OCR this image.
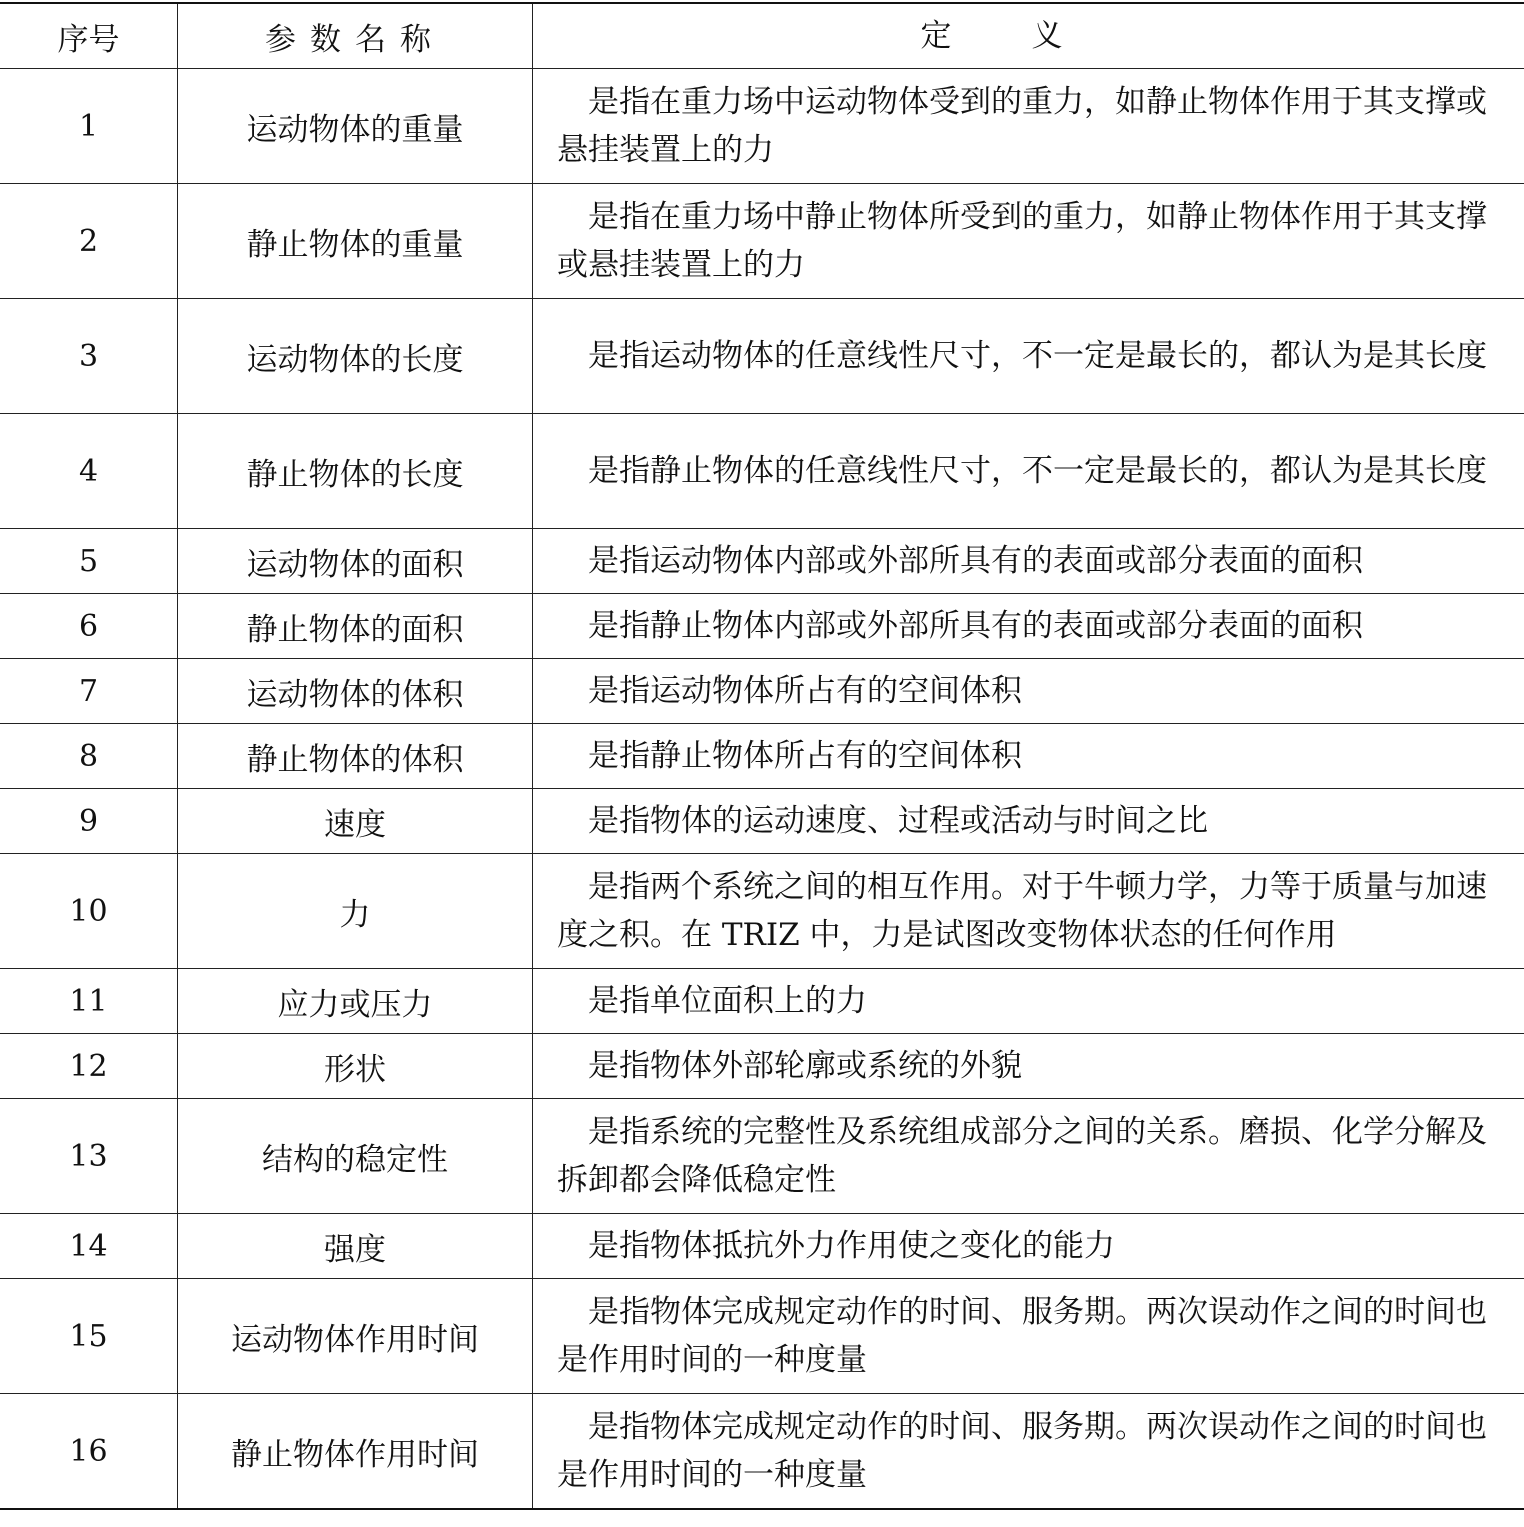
序号	参数名称	定义
1	运动物体的重量	是指在重力场中运动物体受到的重力，如静止物体作用于其支撑或悬挂装置上的力

2	静止物体的重量	是指在重力场中静止物体所受到的重力，如静止物体作用于其支撑或悬挂装置上的力

3	运动物体的长度	是指运动物体的任意线性尺寸，不一定是最长的，都认为是其长度

4	静止物体的长度	是指静止物体的任意线性尺寸，不一定是最长的，都认为是其长度

5	运动物体的面积	是指运动物体内部或外部所具有的表面或部分表面的面积

6	静止物体的面积	是指静止物体内部或外部所具有的表面或部分表面的面积

7	运动物体的体积	是指运动物体所占有的空间体积

8	静止物体的体积	是指静止物体所占有的空间体积

9	速度	是指物体的运动速度、过程或活动与时间之比

10	力	是指两个系统之间的相互作用。对于牛顿力学，力等于质量与加速度之积。在 TRIZ 中，力是试图改变物体状态的任何作用

11	应力或压力	是指单位面积上的力

12	形状	是指物体外部轮廓或系统的外貌

13	结构的稳定性	是指系统的完整性及系统组成部分之间的关系。磨损、化学分解及拆卸都会降低稳定性

14	强度	是指物体抵抗外力作用使之变化的能力

15	运动物体作用时间	是指物体完成规定动作的时间、服务期。两次误动作之间的时间也是作用时间的一种度量

16	静止物体作用时间	是指物体完成规定动作的时间、服务期。两次误动作之间的时间也是作用时间的一种度量
